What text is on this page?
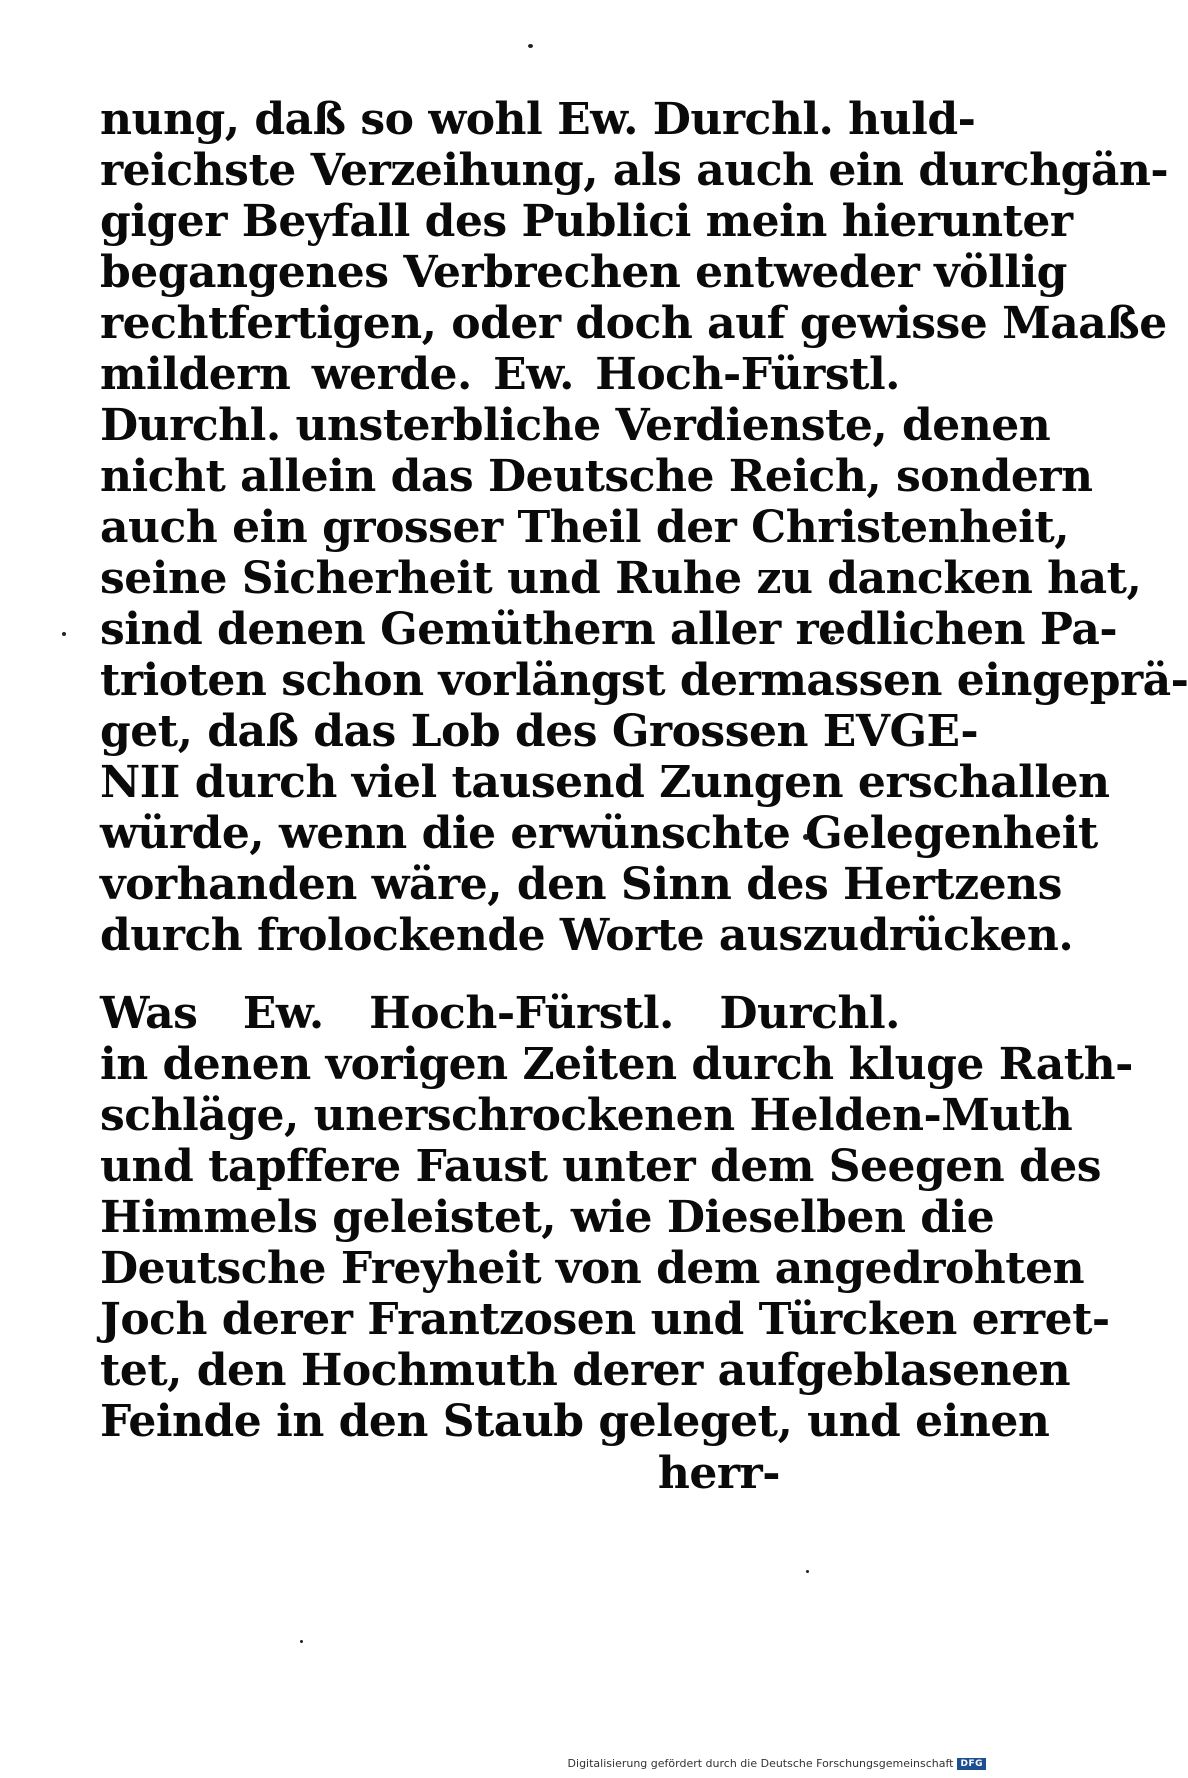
nung, daß so wohl Ew. Durchl. huld-
reichste Verzeihung, als auch ein durchgän-
giger Beyfall des Publici mein hierunter
begangenes Verbrechen entweder völlig
rechtfertigen, oder doch auf gewisse Maaße
mildern werde. Ew. Hoch-Fürstl.
Durchl. unsterbliche Verdienste, denen
nicht allein das Deutsche Reich, sondern
auch ein grosser Theil der Christenheit,
seine Sicherheit und Ruhe zu dancken hat,
sind denen Gemüthern aller redlichen Pa-
trioten schon vorlängst dermassen eingeprä-
get, daß das Lob des Grossen EVGE-
NII durch viel tausend Zungen erschallen
würde, wenn die erwünschte Gelegenheit
vorhanden wäre, den Sinn des Hertzens
durch frolockende Worte auszudrücken.
Was Ew. Hoch-Fürstl. Durchl.
in denen vorigen Zeiten durch kluge Rath-
schläge, unerschrockenen Helden-Muth
und tapffere Faust unter dem Seegen des
Himmels geleistet, wie Dieselben die
Deutsche Freyheit von dem angedrohten
Joch derer Frantzosen und Türcken erret-
tet, den Hochmuth derer aufgeblasenen
Feinde in den Staub geleget, und einen
herr-
Digitalisierung gefördert durch die Deutsche Forschungsgemeinschaft DFG
